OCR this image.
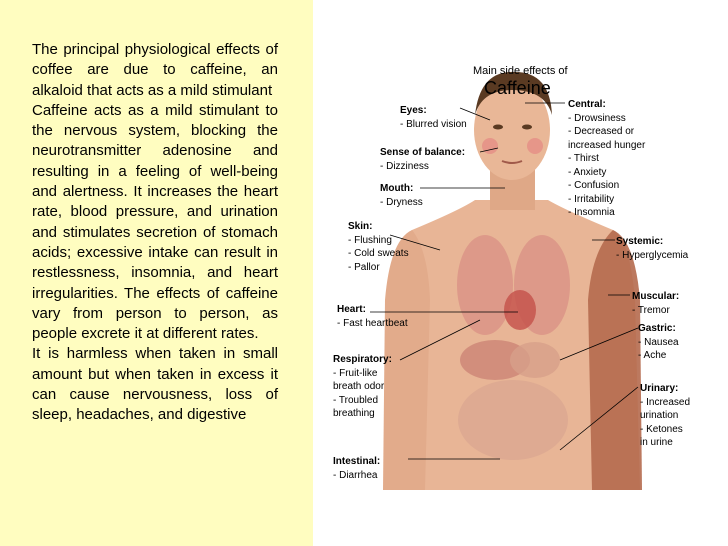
The principal physiological effects of coffee are due to caffeine, an alkaloid that acts as a mild stimulant

Caffeine acts as a mild stimulant to the nervous system, blocking the neurotransmitter adenosine and resulting in a feeling of well-being and alertness. It increases the heart rate, blood pressure, and urination and stimulates secretion of stomach acids; excessive intake can result in restlessness, insomnia, and heart irregularities. The effects of caffeine vary from person to person, as people excrete it at different rates.

It is harmless when taken in small amount but when taken in excess it can cause nervousness, loss of sleep, headaches, and digestive

Main side effects of
Caffeine
Eyes:
- Blurred vision
Sense of balance:
- Dizziness
Mouth:
- Dryness
Skin:
- Flushing
- Cold sweats
- Pallor
Heart:
- Fast heartbeat
Respiratory:
- Fruit-like
breath odor
- Troubled
breathing
Intestinal:
- Diarrhea
Central:
- Drowsiness
- Decreased or
increased hunger
- Thirst
- Anxiety
- Confusion
- Irritability
- Insomnia
Systemic:
- Hyperglycemia
Muscular:
- Tremor
Gastric:
- Nausea
- Ache
Urinary:
- Increased
urination
- Ketones
in urine
